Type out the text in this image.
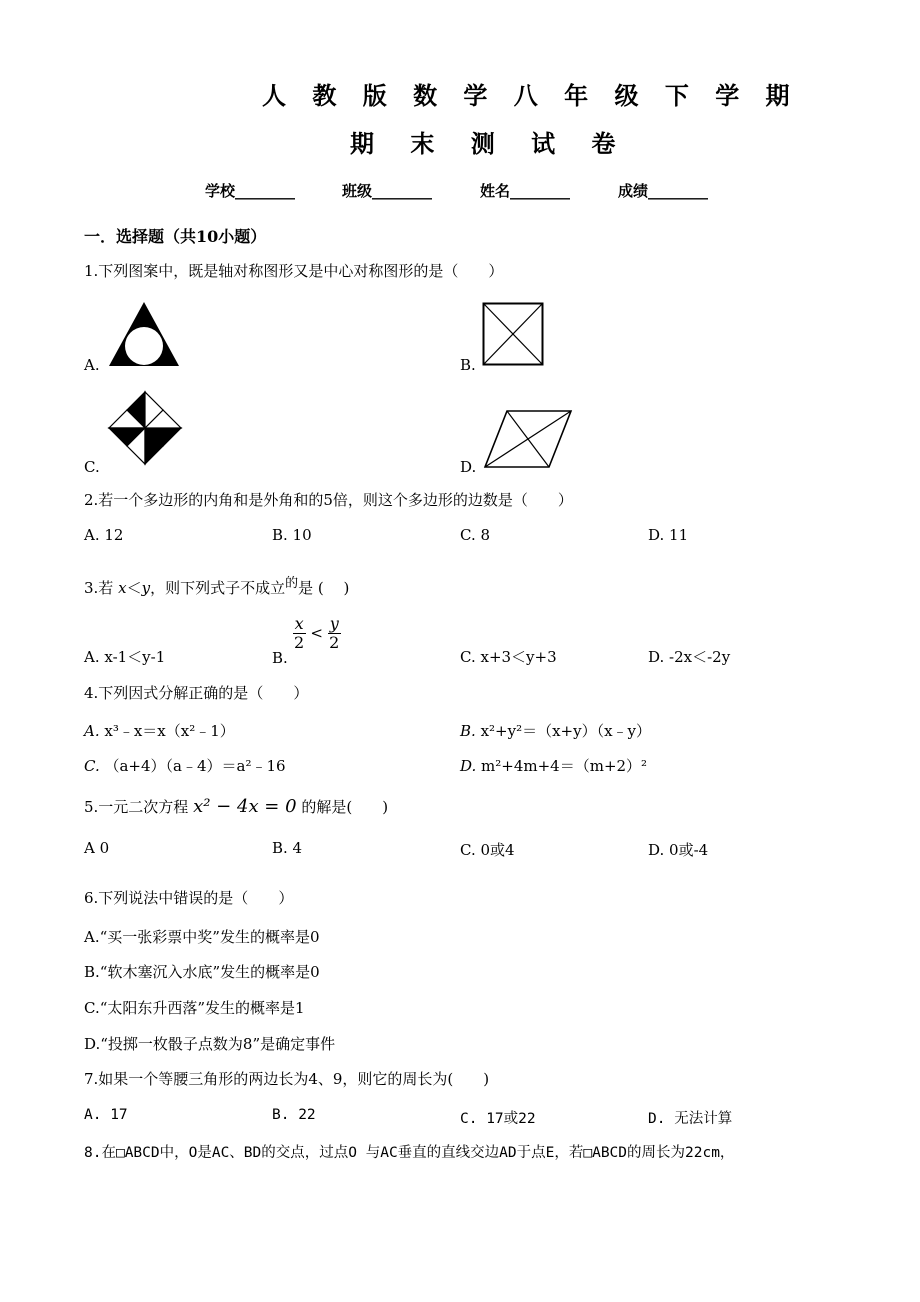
人 教 版 数 学 八 年 级 下 学 期
期 末 测 试 卷
学校________	班级________	姓名________	成绩________
一．选择题（共10小题）
1.下列图案中，既是轴对称图形又是中心对称图形的是（　　）
A.	B.
C.	D.
2.若一个多边形的内角和是外角和的5倍，则这个多边形的边数是（　　）
A. 12	B. 10	C. 8	D. 11
3.若 x＜y，则下列式子不成立$^的$是 (　 )
A. x-1＜y-1	B.
$\frac{x}{2} < \frac{y}{2}$
C. x+3＜y+3	D. -2x＜-2y
4.下列因式分解正确的是（　　）
A. x³﹣x＝x（x²﹣1）	B. x²+y²＝（x+y）（x﹣y）
C. （a+4）（a﹣4）＝a²﹣16	D. m²+4m+4＝（m+2）²
5.一元二次方程 x² − 4x = 0 的解是(　　)
A 0	B. 4	C. 0或4	D. 0或-4
6.下列说法中错误的是（　　）
A.“买一张彩票中奖”发生的概率是0
B.“软木塞沉入水底”发生的概率是0
C.“太阳东升西落”发生的概率是1
D.“投掷一枚骰子点数为8”是确定事件
7.如果一个等腰三角形的两边长为4、9，则它的周长为(　　)
A. 17	B. 22	C. 17或22	D. 无法计算
8.在□ABCD中，O是AC、BD的交点，过点O 与AC垂直的直线交边AD于点E，若□ABCD的周长为22cm，
